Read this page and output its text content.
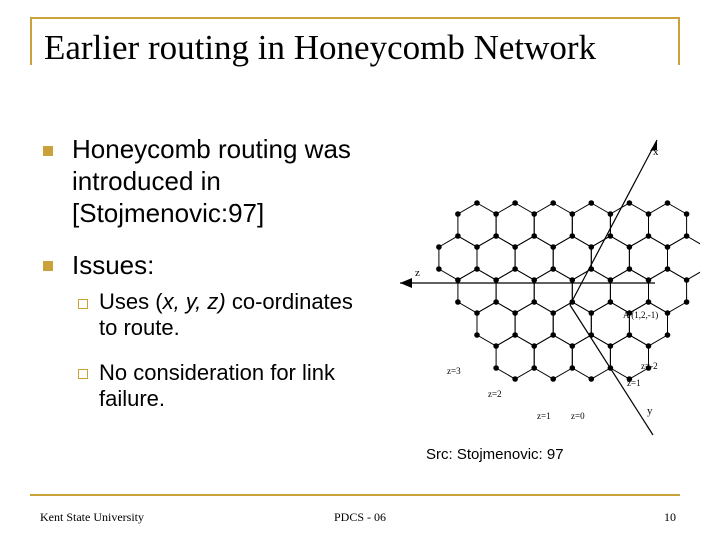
Earlier routing in Honeycomb Network
Honeycomb routing was introduced in [Stojmenovic:97]
Issues:
Uses (x, y, z) co-ordinates to route.
No consideration for link failure.
x
y
z
A (1,2,-1)
z=3
z=2
z=1 z=0
z=1
z=-2
Src: Stojmenovic: 97
Kent State University	PDCS - 06	10
